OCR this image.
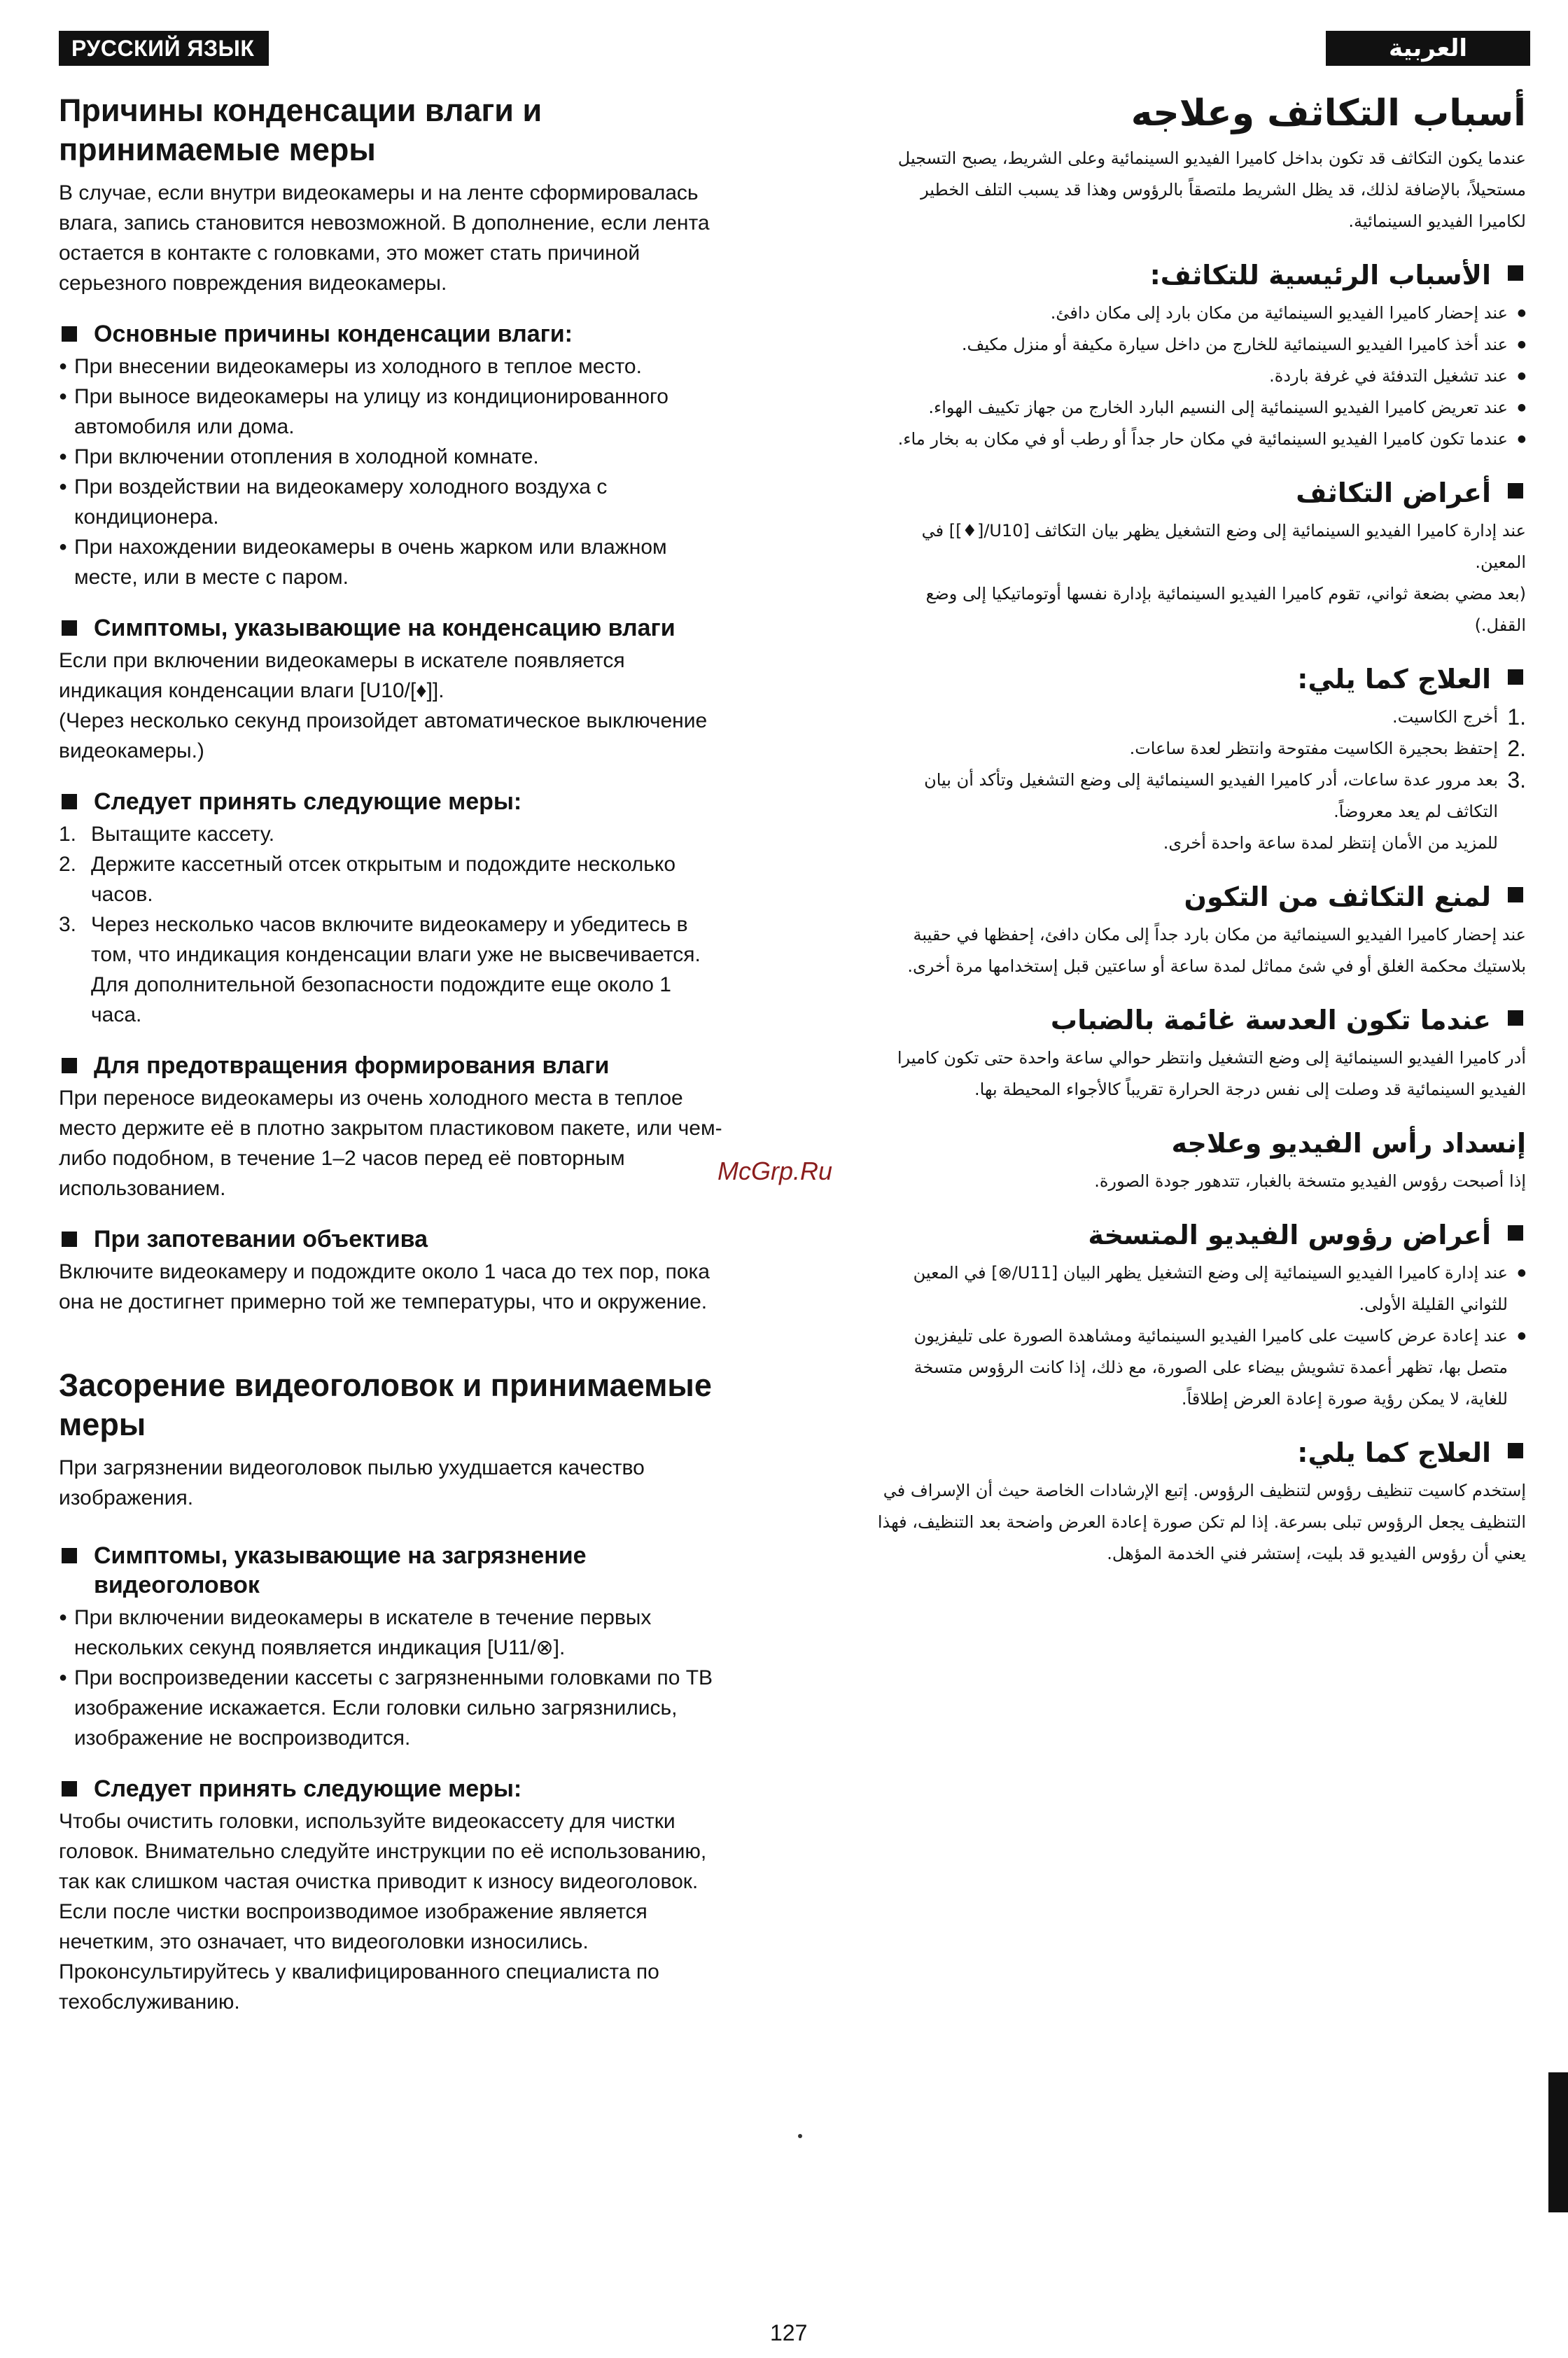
РУССКИЙ ЯЗЫК	العربية
Причины конденсации влаги и принимаемые меры

В случае, если внутри видеокамеры и на ленте сформировалась влага, запись становится невозможной. В дополнение, если лента остается в контакте с головками, это может стать причиной серьезного повреждения видеокамеры.

Основные причины конденсации влаги:
● При внесении видеокамеры из холодного в теплое место.
● При выносе видеокамеры на улицу из кондиционированного автомобиля или дома.
● При включении отопления в холодной комнате.
● При воздействии на видеокамеру холодного воздуха с кондиционера.
● При нахождении видеокамеры в очень жарком или влажном месте, или в месте с паром.
Симптомы, указывающие на конденсацию влаги

Если при включении видеокамеры в искателе появляется индикация конденсации влаги [U10/[♦]].

(Через несколько секунд произойдет автоматическое выключение видеокамеры.)

Следует принять следующие меры:
1. Вытащите кассету.
2. Держите кассетный отсек открытым и подождите несколько часов.
3. Через несколько часов включите видеокамеру и убедитесь в том, что индикация конденсации влаги уже не высвечивается.

Для дополнительной безопасности подождите еще около 1 часа.

Для предотвращения формирования влаги

При переносе видеокамеры из очень холодного места в теплое место держите её в плотно закрытом пластиковом пакете, или чем-либо подобном, в течение 1–2 часов перед её повторным использованием.

При запотевании объектива

Включите видеокамеру и подождите около 1 часа до тех пор, пока она не достигнет примерно той же температуры, что и окружение.

Засорение видеоголовок и принимаемые меры

При загрязнении видеоголовок пылью ухудшается качество изображения.

Симптомы, указывающие на загрязнение видеоголовок
● При включении видеокамеры в искателе в течение первых нескольких секунд появляется индикация [U11/⊗].
● При воспроизведении кассеты с загрязненными головками по ТВ изображение искажается. Если головки сильно загрязнились, изображение не воспроизводится.
Следует принять следующие меры:

Чтобы очистить головки, используйте видеокассету для чистки головок. Внимательно следуйте инструкции по её использованию, так как слишком частая очистка приводит к износу видеоголовок. Если после чистки воспроизводимое изображение является нечетким, это означает, что видеоголовки износились. Проконсультируйтесь у квалифицированного специалиста по техобслуживанию.

أسباب التكاثف وعلاجه

عندما يكون التكاثف قد تكون بداخل كاميرا الفيديو السينمائية وعلى الشريط، يصبح التسجيل مستحيلاً، بالإضافة لذلك، قد يظل الشريط ملتصقاً بالرؤوس وهذا قد يسبب التلف الخطير لكاميرا الفيديو السينمائية.

الأسباب الرئيسية للتكاثف:
● عند إحضار كاميرا الفيديو السينمائية من مكان بارد إلى مكان دافئ.
● عند أخذ كاميرا الفيديو السينمائية للخارج من داخل سيارة مكيفة أو منزل مكيف.
● عند تشغيل التدفئة في غرفة باردة.
● عند تعريض كاميرا الفيديو السينمائية إلى النسيم البارد الخارج من جهاز تكييف الهواء.
● عندما تكون كاميرا الفيديو السينمائية في مكان حار جداً أو رطب أو في مكان به بخار ماء.
أعراض التكاثف

عند إدارة كاميرا الفيديو السينمائية إلى وضع التشغيل يظهر بيان التكاثف [U10/[♦]] في المعين.

(بعد مضي بضعة ثواني، تقوم كاميرا الفيديو السينمائية بإدارة نفسها أوتوماتيكيا إلى وضع القفل.)

العلاج كما يلي:
.1
أخرج الكاسيت.
.2
إحتفظ بحجيرة الكاسيت مفتوحة وانتظر لعدة ساعات.
.3
بعد مرور عدة ساعات، أدر كاميرا الفيديو السينمائية إلى وضع التشغيل وتأكد أن بيان التكاثف لم يعد معروضاً.

للمزيد من الأمان إنتظر لمدة ساعة واحدة أخرى.

لمنع التكاثف من التكون

عند إحضار كاميرا الفيديو السينمائية من مكان بارد جداً إلى مكان دافئ، إحفظها في حقيبة بلاستيك محكمة الغلق أو في شئ مماثل لمدة ساعة أو ساعتين قبل إستخدامها مرة أخرى.

عندما تكون العدسة غائمة بالضباب

أدر كاميرا الفيديو السينمائية إلى وضع التشغيل وانتظر حوالي ساعة واحدة حتى تكون كاميرا الفيديو السينمائية قد وصلت إلى نفس درجة الحرارة تقريباً كالأجواء المحيطة بها.

إنسداد رأس الفيديو وعلاجه

إذا أصبحت رؤوس الفيديو متسخة بالغبار، تتدهور جودة الصورة.

أعراض رؤوس الفيديو المتسخة
● عند إدارة كاميرا الفيديو السينمائية إلى وضع التشغيل يظهر البيان [U11/⊗] في المعين للثواني القليلة الأولى.
● عند إعادة عرض كاسيت على كاميرا الفيديو السينمائية ومشاهدة الصورة على تليفزيون متصل بها، تظهر أعمدة تشويش بيضاء على الصورة، مع ذلك، إذا كانت الرؤوس متسخة للغاية، لا يمكن رؤية صورة إعادة العرض إطلاقاً.
العلاج كما يلي:

إستخدم كاسيت تنظيف رؤوس لتنظيف الرؤوس. إتبع الإرشادات الخاصة حيث أن الإسراف في التنظيف يجعل الرؤوس تبلى بسرعة. إذا لم تكن صورة إعادة العرض واضحة بعد التنظيف، فهذا يعني أن رؤوس الفيديو قد بليت، إستشر فني الخدمة المؤهل.

McGrp.Ru
127
